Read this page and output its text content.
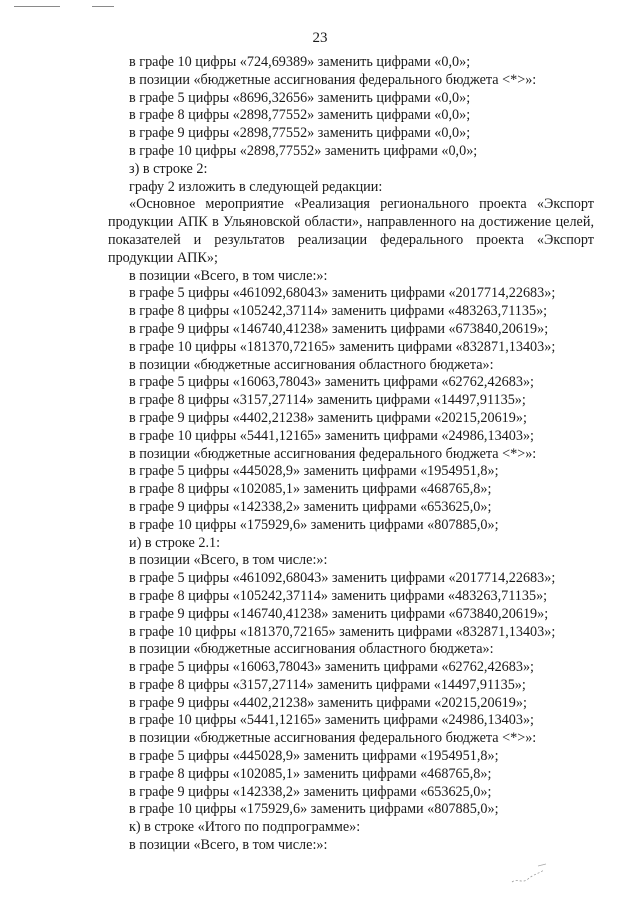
23
в графе 10 цифры «724,69389» заменить цифрами «0,0»;
в позиции «бюджетные ассигнования федерального бюджета <*>»:
в графе 5 цифры «8696,32656» заменить цифрами «0,0»;
в графе 8 цифры «2898,77552» заменить цифрами «0,0»;
в графе 9 цифры «2898,77552» заменить цифрами «0,0»;
в графе 10 цифры «2898,77552» заменить цифрами «0,0»;
з) в строке 2:
графу 2 изложить в следующей редакции:
«Основное мероприятие «Реализация регионального проекта «Экспорт
продукции АПК в Ульяновской области», направленного на достижение целей,
показателей и результатов реализации федерального проекта «Экспорт
продукции АПК»;
в позиции «Всего, в том числе:»:
в графе 5 цифры «461092,68043» заменить цифрами «2017714,22683»;
в графе 8 цифры «105242,37114» заменить цифрами «483263,71135»;
в графе 9 цифры «146740,41238» заменить цифрами «673840,20619»;
в графе 10 цифры «181370,72165» заменить цифрами «832871,13403»;
в позиции «бюджетные ассигнования областного бюджета»:
в графе 5 цифры «16063,78043» заменить цифрами «62762,42683»;
в графе 8 цифры «3157,27114» заменить цифрами «14497,91135»;
в графе 9 цифры «4402,21238» заменить цифрами «20215,20619»;
в графе 10 цифры «5441,12165» заменить цифрами «24986,13403»;
в позиции «бюджетные ассигнования федерального бюджета <*>»:
в графе 5 цифры «445028,9» заменить цифрами «1954951,8»;
в графе 8 цифры «102085,1» заменить цифрами «468765,8»;
в графе 9 цифры «142338,2» заменить цифрами «653625,0»;
в графе 10 цифры «175929,6» заменить цифрами «807885,0»;
и) в строке 2.1:
в позиции «Всего, в том числе:»:
в графе 5 цифры «461092,68043» заменить цифрами «2017714,22683»;
в графе 8 цифры «105242,37114» заменить цифрами «483263,71135»;
в графе 9 цифры «146740,41238» заменить цифрами «673840,20619»;
в графе 10 цифры «181370,72165» заменить цифрами «832871,13403»;
в позиции «бюджетные ассигнования областного бюджета»:
в графе 5 цифры «16063,78043» заменить цифрами «62762,42683»;
в графе 8 цифры «3157,27114» заменить цифрами «14497,91135»;
в графе 9 цифры «4402,21238» заменить цифрами «20215,20619»;
в графе 10 цифры «5441,12165» заменить цифрами «24986,13403»;
в позиции «бюджетные ассигнования федерального бюджета <*>»:
в графе 5 цифры «445028,9» заменить цифрами «1954951,8»;
в графе 8 цифры «102085,1» заменить цифрами «468765,8»;
в графе 9 цифры «142338,2» заменить цифрами «653625,0»;
в графе 10 цифры «175929,6» заменить цифрами «807885,0»;
к) в строке «Итого по подпрограмме»:
в позиции «Всего, в том числе:»:
